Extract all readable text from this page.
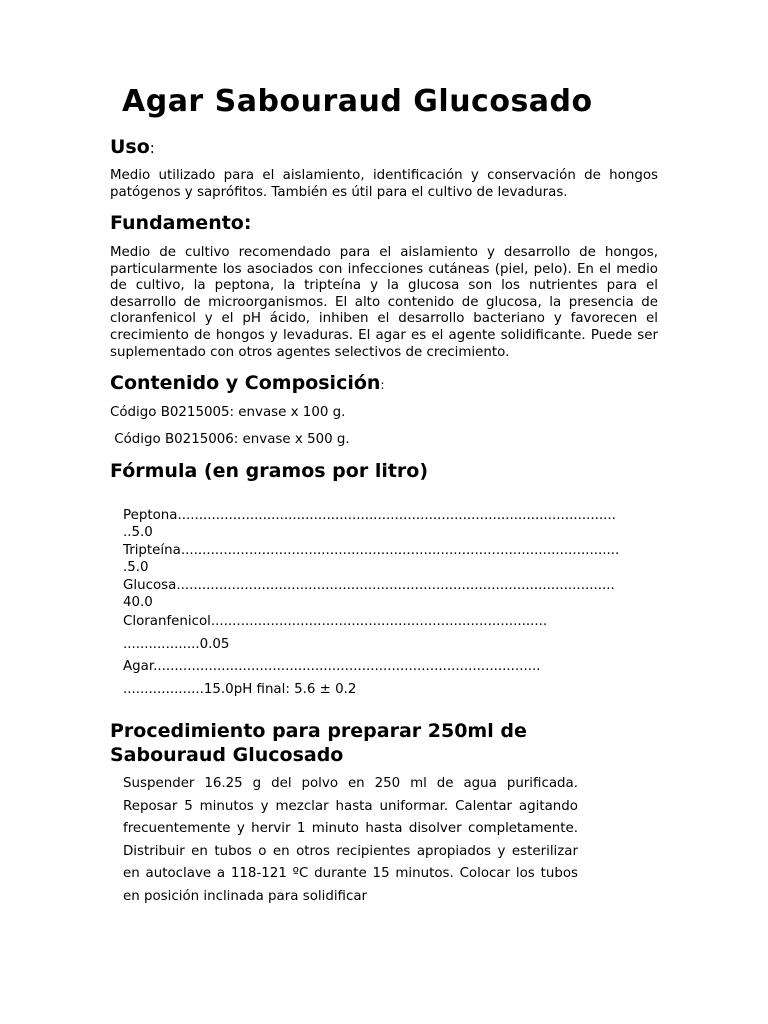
Agar Sabouraud Glucosado
Uso:

Medio utilizado para el aislamiento, identificación y conservación de hongos patógenos y saprófitos. También es útil para el cultivo de levaduras.

Fundamento:

Medio de cultivo recomendado para el aislamiento y desarrollo de hongos, particularmente los asociados con infecciones cutáneas (piel, pelo). En el medio de cultivo, la peptona, la tripteína y la glucosa son los nutrientes para el desarrollo de microorganismos. El alto contenido de glucosa, la presencia de cloranfenicol y el pH ácido, inhiben el desarrollo bacteriano y favorecen el crecimiento de hongos y levaduras. El agar es el agente solidificante. Puede ser suplementado con otros agentes selectivos de crecimiento.

Contenido y Composición:

Código B0215005: envase x 100 g.

Código B0215006: envase x 500 g.

Fórmula (en gramos por litro)
Peptona.......................................................................................................
..5.0
Tripteína.......................................................................................................
.5.0
Glucosa.......................................................................................................
40.0
Cloranfenicol...............................................................................
..................0.05
Agar...........................................................................................
...................15.0pH final: 5.6 ± 0.2
Procedimiento para preparar 250ml de
Sabouraud Glucosado

Suspender 16.25 g del polvo en 250 ml de agua purificada. Reposar 5 minutos y mezclar hasta uniformar. Calentar agitando frecuentemente y hervir 1 minuto hasta disolver completamente. Distribuir en tubos o en otros recipientes apropiados y esterilizar en autoclave a 118-121 ºC durante 15 minutos. Colocar los tubos en posición inclinada para solidificar
